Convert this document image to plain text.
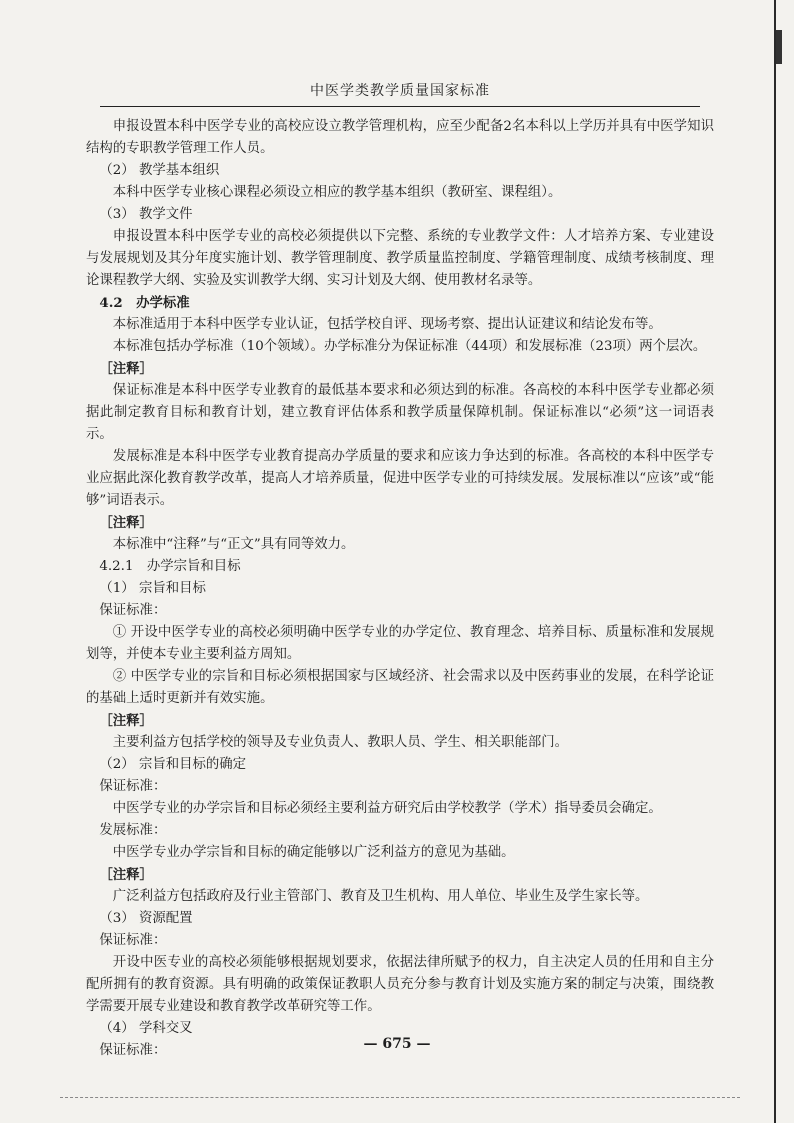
中医学类教学质量国家标准

申报设置本科中医学专业的高校应设立教学管理机构，应至少配备2名本科以上学历并具有中医学知识结构的专职教学管理工作人员。

（2） 教学基本组织

本科中医学专业核心课程必须设立相应的教学基本组织（教研室、课程组）。

（3） 教学文件

申报设置本科中医学专业的高校必须提供以下完整、系统的专业教学文件：人才培养方案、专业建设与发展规划及其分年度实施计划、教学管理制度、教学质量监控制度、学籍管理制度、成绩考核制度、理论课程教学大纲、实验及实训教学大纲、实习计划及大纲、使用教材名录等。

4.2　办学标准

本标准适用于本科中医学专业认证，包括学校自评、现场考察、提出认证建议和结论发布等。

本标准包括办学标准（10个领域）。办学标准分为保证标准（44项）和发展标准（23项）两个层次。

［注释］

保证标准是本科中医学专业教育的最低基本要求和必须达到的标准。各高校的本科中医学专业都必须据此制定教育目标和教育计划，建立教育评估体系和教学质量保障机制。保证标准以“必须”这一词语表示。

发展标准是本科中医学专业教育提高办学质量的要求和应该力争达到的标准。各高校的本科中医学专业应据此深化教育教学改革，提高人才培养质量，促进中医学专业的可持续发展。发展标准以“应该”或“能够”词语表示。

［注释］

本标准中“注释”与“正文”具有同等效力。

4.2.1　办学宗旨和目标

（1） 宗旨和目标

保证标准：

① 开设中医学专业的高校必须明确中医学专业的办学定位、教育理念、培养目标、质量标准和发展规划等，并使本专业主要利益方周知。

② 中医学专业的宗旨和目标必须根据国家与区域经济、社会需求以及中医药事业的发展，在科学论证的基础上适时更新并有效实施。

［注释］

主要利益方包括学校的领导及专业负责人、教职人员、学生、相关职能部门。

（2） 宗旨和目标的确定

保证标准：

中医学专业的办学宗旨和目标必须经主要利益方研究后由学校教学（学术）指导委员会确定。

发展标准：

中医学专业办学宗旨和目标的确定能够以广泛利益方的意见为基础。

［注释］

广泛利益方包括政府及行业主管部门、教育及卫生机构、用人单位、毕业生及学生家长等。

（3） 资源配置

保证标准：

开设中医专业的高校必须能够根据规划要求，依据法律所赋予的权力，自主决定人员的任用和自主分配所拥有的教育资源。具有明确的政策保证教职人员充分参与教育计划及实施方案的制定与决策，围绕教学需要开展专业建设和教育教学改革研究等工作。

（4） 学科交叉

保证标准：	— 675 —
